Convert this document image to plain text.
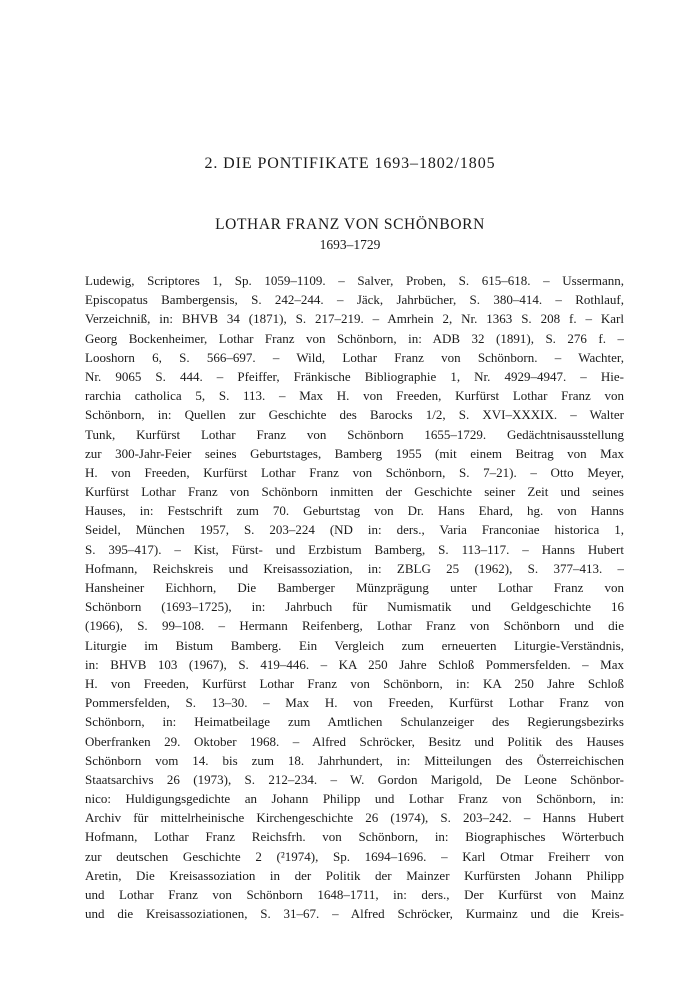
2. DIE PONTIFIKATE 1693–1802/1805
LOTHAR FRANZ VON SCHÖNBORN
1693–1729
Ludewig, Scriptores 1, Sp. 1059–1109. – Salver, Proben, S. 615–618. – Ussermann,
Episcopatus Bambergensis, S. 242–244. – Jäck, Jahrbücher, S. 380–414. – Rothlauf,
Verzeichniß, in: BHVB 34 (1871), S. 217–219. – Amrhein 2, Nr. 1363 S. 208 f. – Karl
Georg Bockenheimer, Lothar Franz von Schönborn, in: ADB 32 (1891), S. 276 f. –
Looshorn 6, S. 566–697. – Wild, Lothar Franz von Schönborn. – Wachter,
Nr. 9065 S. 444. – Pfeiffer, Fränkische Bibliographie 1, Nr. 4929–4947. – Hie-
rarchia catholica 5, S. 113. – Max H. von Freeden, Kurfürst Lothar Franz von
Schönborn, in: Quellen zur Geschichte des Barocks 1/2, S. XVI–XXXIX. – Walter
Tunk, Kurfürst Lothar Franz von Schönborn 1655–1729. Gedächtnisausstellung
zur 300-Jahr-Feier seines Geburtstages, Bamberg 1955 (mit einem Beitrag von Max
H. von Freeden, Kurfürst Lothar Franz von Schönborn, S. 7–21). – Otto Meyer,
Kurfürst Lothar Franz von Schönborn inmitten der Geschichte seiner Zeit und seines
Hauses, in: Festschrift zum 70. Geburtstag von Dr. Hans Ehard, hg. von Hanns
Seidel, München 1957, S. 203–224 (ND in: ders., Varia Franconiae historica 1,
S. 395–417). – Kist, Fürst- und Erzbistum Bamberg, S. 113–117. – Hanns Hubert
Hofmann, Reichskreis und Kreisassoziation, in: ZBLG 25 (1962), S. 377–413. –
Hansheiner Eichhorn, Die Bamberger Münzprägung unter Lothar Franz von
Schönborn (1693–1725), in: Jahrbuch für Numismatik und Geldgeschichte 16
(1966), S. 99–108. – Hermann Reifenberg, Lothar Franz von Schönborn und die
Liturgie im Bistum Bamberg. Ein Vergleich zum erneuerten Liturgie-Verständnis,
in: BHVB 103 (1967), S. 419–446. – KA 250 Jahre Schloß Pommersfelden. – Max
H. von Freeden, Kurfürst Lothar Franz von Schönborn, in: KA 250 Jahre Schloß
Pommersfelden, S. 13–30. – Max H. von Freeden, Kurfürst Lothar Franz von
Schönborn, in: Heimatbeilage zum Amtlichen Schulanzeiger des Regierungsbezirks
Oberfranken 29. Oktober 1968. – Alfred Schröcker, Besitz und Politik des Hauses
Schönborn vom 14. bis zum 18. Jahrhundert, in: Mitteilungen des Österreichischen
Staatsarchivs 26 (1973), S. 212–234. – W. Gordon Marigold, De Leone Schönbor-
nico: Huldigungsgedichte an Johann Philipp und Lothar Franz von Schönborn, in:
Archiv für mittelrheinische Kirchengeschichte 26 (1974), S. 203–242. – Hanns Hubert
Hofmann, Lothar Franz Reichsfrh. von Schönborn, in: Biographisches Wörterbuch
zur deutschen Geschichte 2 (²1974), Sp. 1694–1696. – Karl Otmar Freiherr von
Aretin, Die Kreisassoziation in der Politik der Mainzer Kurfürsten Johann Philipp
und Lothar Franz von Schönborn 1648–1711, in: ders., Der Kurfürst von Mainz
und die Kreisassoziationen, S. 31–67. – Alfred Schröcker, Kurmainz und die Kreis-
